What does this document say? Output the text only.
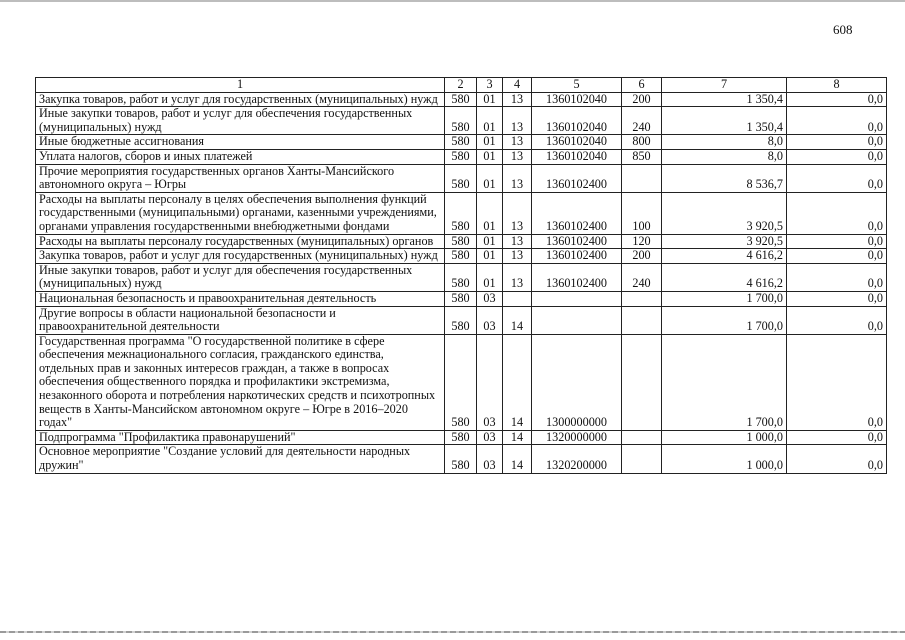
608
1	2	3	4	5	6	7	8
Закупка товаров, работ и услуг для государственных (муниципальных) нужд	580	01	13	1360102040	200	1 350,4	0,0
Иные закупки товаров, работ и услуг для обеспечения государственных (муниципальных) нужд	580	01	13	1360102040	240	1 350,4	0,0
Иные бюджетные ассигнования	580	01	13	1360102040	800	8,0	0,0
Уплата налогов, сборов и иных платежей	580	01	13	1360102040	850	8,0	0,0
Прочие мероприятия государственных органов Ханты-Мансийского автономного округа – Югры	580	01	13	1360102400		8 536,7	0,0
Расходы на выплаты персоналу в целях обеспечения выполнения функций государственными (муниципальными) органами, казенными учреждениями, органами управления государственными внебюджетными фондами	580	01	13	1360102400	100	3 920,5	0,0
Расходы на выплаты персоналу государственных (муниципальных) органов	580	01	13	1360102400	120	3 920,5	0,0
Закупка товаров, работ и услуг для государственных (муниципальных) нужд	580	01	13	1360102400	200	4 616,2	0,0
Иные закупки товаров, работ и услуг для обеспечения государственных (муниципальных) нужд	580	01	13	1360102400	240	4 616,2	0,0
Национальная безопасность и правоохранительная деятельность	580	03				1 700,0	0,0
Другие вопросы в области национальной безопасности и правоохранительной деятельности	580	03	14			1 700,0	0,0
Государственная программа "О государственной политике в сфере обеспечения межнационального согласия, гражданского единства, отдельных прав и законных интересов граждан, а также в вопросах обеспечения общественного порядка и профилактики экстремизма, незаконного оборота и потребления наркотических средств и психотропных веществ в Ханты-Мансийском автономном округе – Югре в 2016–2020 годах"	580	03	14	1300000000		1 700,0	0,0
Подпрограмма "Профилактика правонарушений"	580	03	14	1320000000		1 000,0	0,0
Основное мероприятие "Создание условий для деятельности народных дружин"	580	03	14	1320200000		1 000,0	0,0
